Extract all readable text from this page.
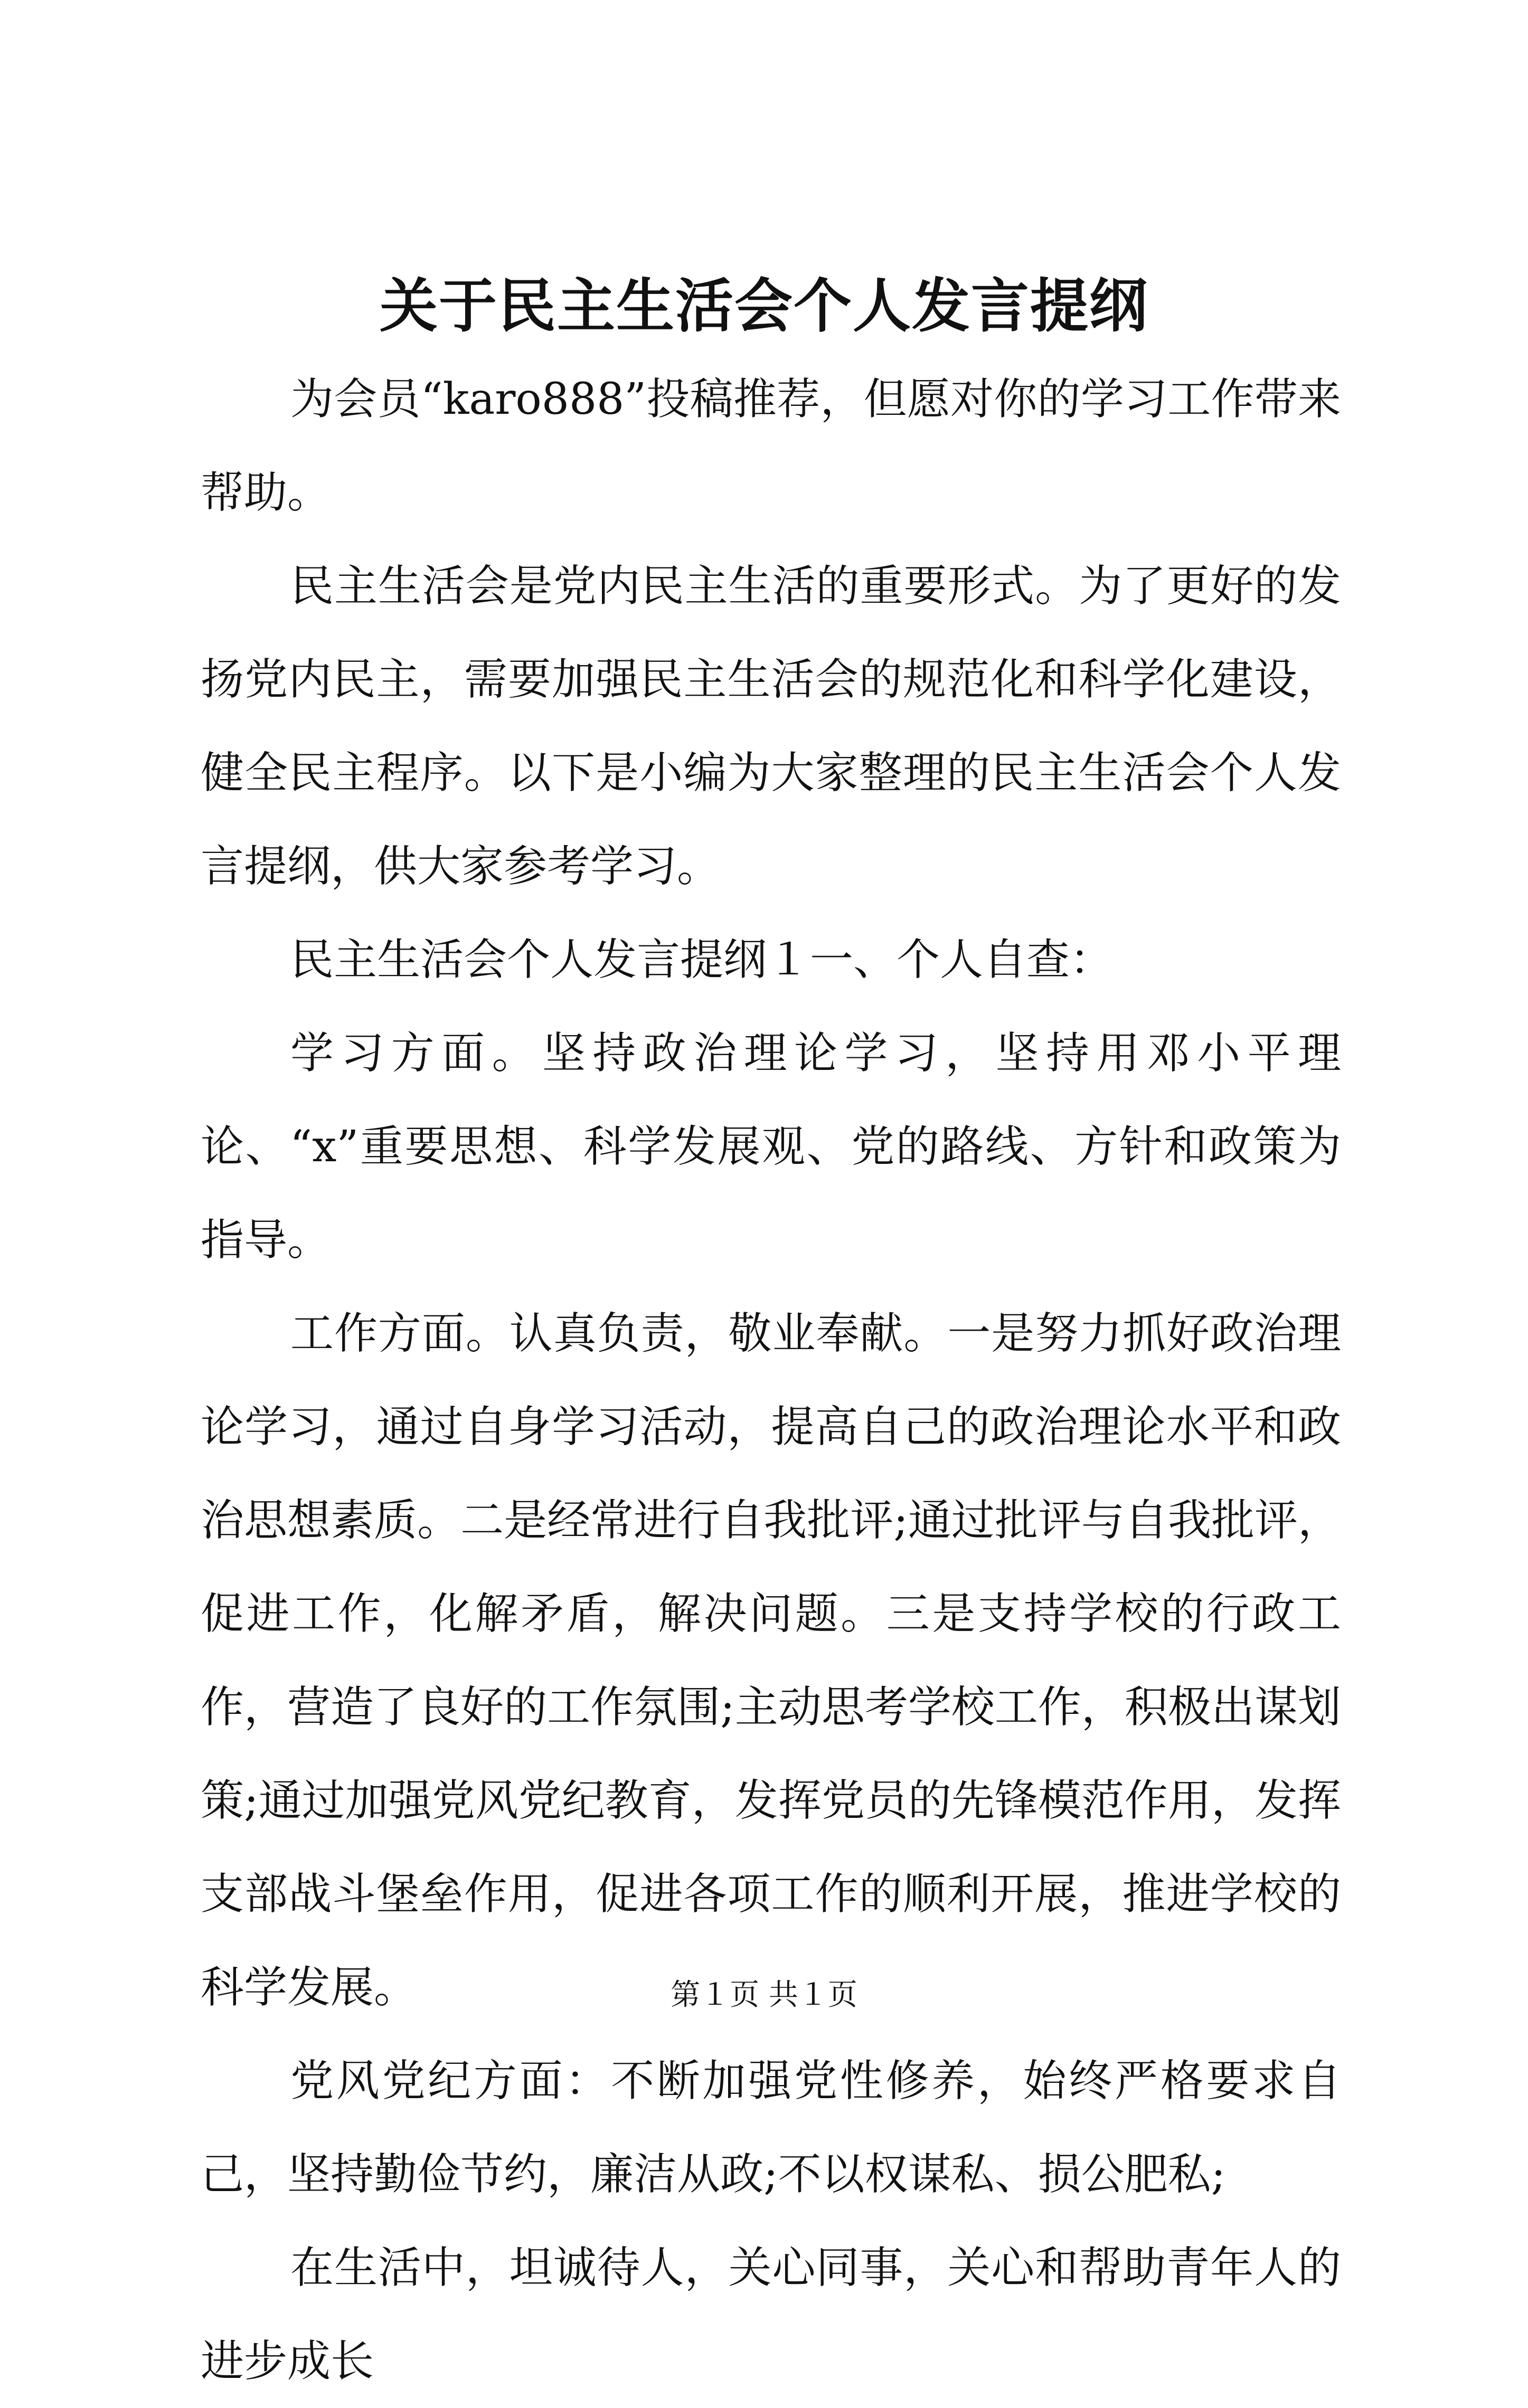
关于民主生活会个人发言提纲

为会员“karo888”投稿推荐，但愿对你的学习工作带来帮助。

民主生活会是党内民主生活的重要形式。为了更好的发扬党内民主，需要加强民主生活会的规范化和科学化建设，健全民主程序。以下是小编为大家整理的民主生活会个人发言提纲，供大家参考学习。

民主生活会个人发言提纲１一、个人自查：

学习方面。坚持政治理论学习，坚持用邓小平理论、“x”重要思想、科学发展观、党的路线、方针和政策为指导。

工作方面。认真负责，敬业奉献。一是努力抓好政治理论学习，通过自身学习活动，提高自己的政治理论水平和政治思想素质。二是经常进行自我批评;通过批评与自我批评，促进工作，化解矛盾，解决问题。三是支持学校的行政工作，营造了良好的工作氛围;主动思考学校工作，积极出谋划策;通过加强党风党纪教育，发挥党员的先锋模范作用，发挥支部战斗堡垒作用，促进各项工作的顺利开展，推进学校的科学发展。

党风党纪方面：不断加强党性修养，始终严格要求自己，坚持勤俭节约，廉洁从政;不以权谋私、损公肥私;

在生活中，坦诚待人，关心同事，关心和帮助青年人的进步成长

第１页 共１页
